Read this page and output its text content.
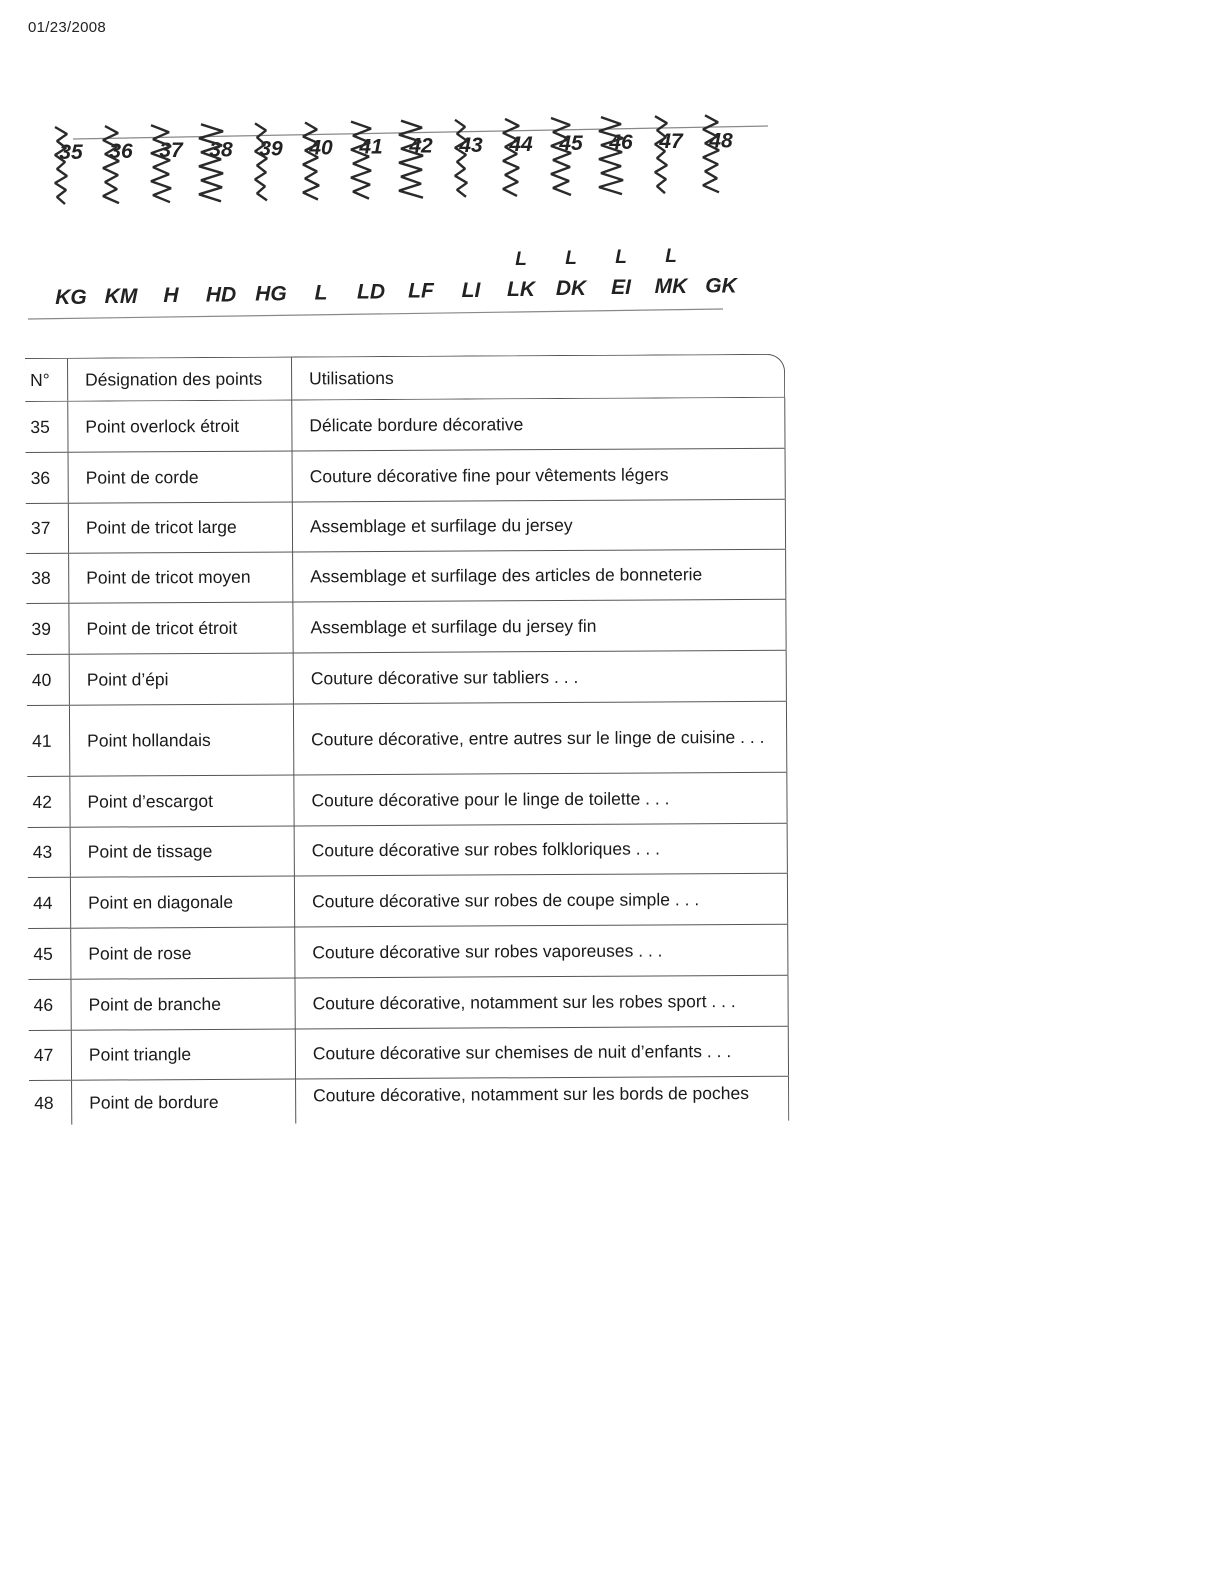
01/23/2008
35
KG
36
KM
37
H
38
HD
39
HG
40
L
41
LD
42
LF
43
LI
44
L
LK
45
L
DK
46
L
EI
47
L
MK
48
GK
N°	Désignation des points	Utilisations
35	Point overlock étroit	Délicate bordure décorative
36	Point de corde	Couture décorative fine pour vêtements légers
37	Point de tricot large	Assemblage et surfilage du jersey
38	Point de tricot moyen	Assemblage et surfilage des articles de bonneterie
39	Point de tricot étroit	Assemblage et surfilage du jersey fin
40	Point d’épi	Couture décorative sur tabliers . . .
41	Point hollandais	Couture décorative, entre autres sur le linge de cuisine . . .
42	Point d’escargot	Couture décorative pour le linge de toilette . . .
43	Point de tissage	Couture décorative sur robes folkloriques . . .
44	Point en diagonale	Couture décorative sur robes de coupe simple . . .
45	Point de rose	Couture décorative sur robes vaporeuses . . .
46	Point de branche	Couture décorative, notamment sur les robes sport . . .
47	Point triangle	Couture décorative sur chemises de nuit d’enfants . . .
48	Point de bordure	Couture décorative, notamment sur les bords de poches
